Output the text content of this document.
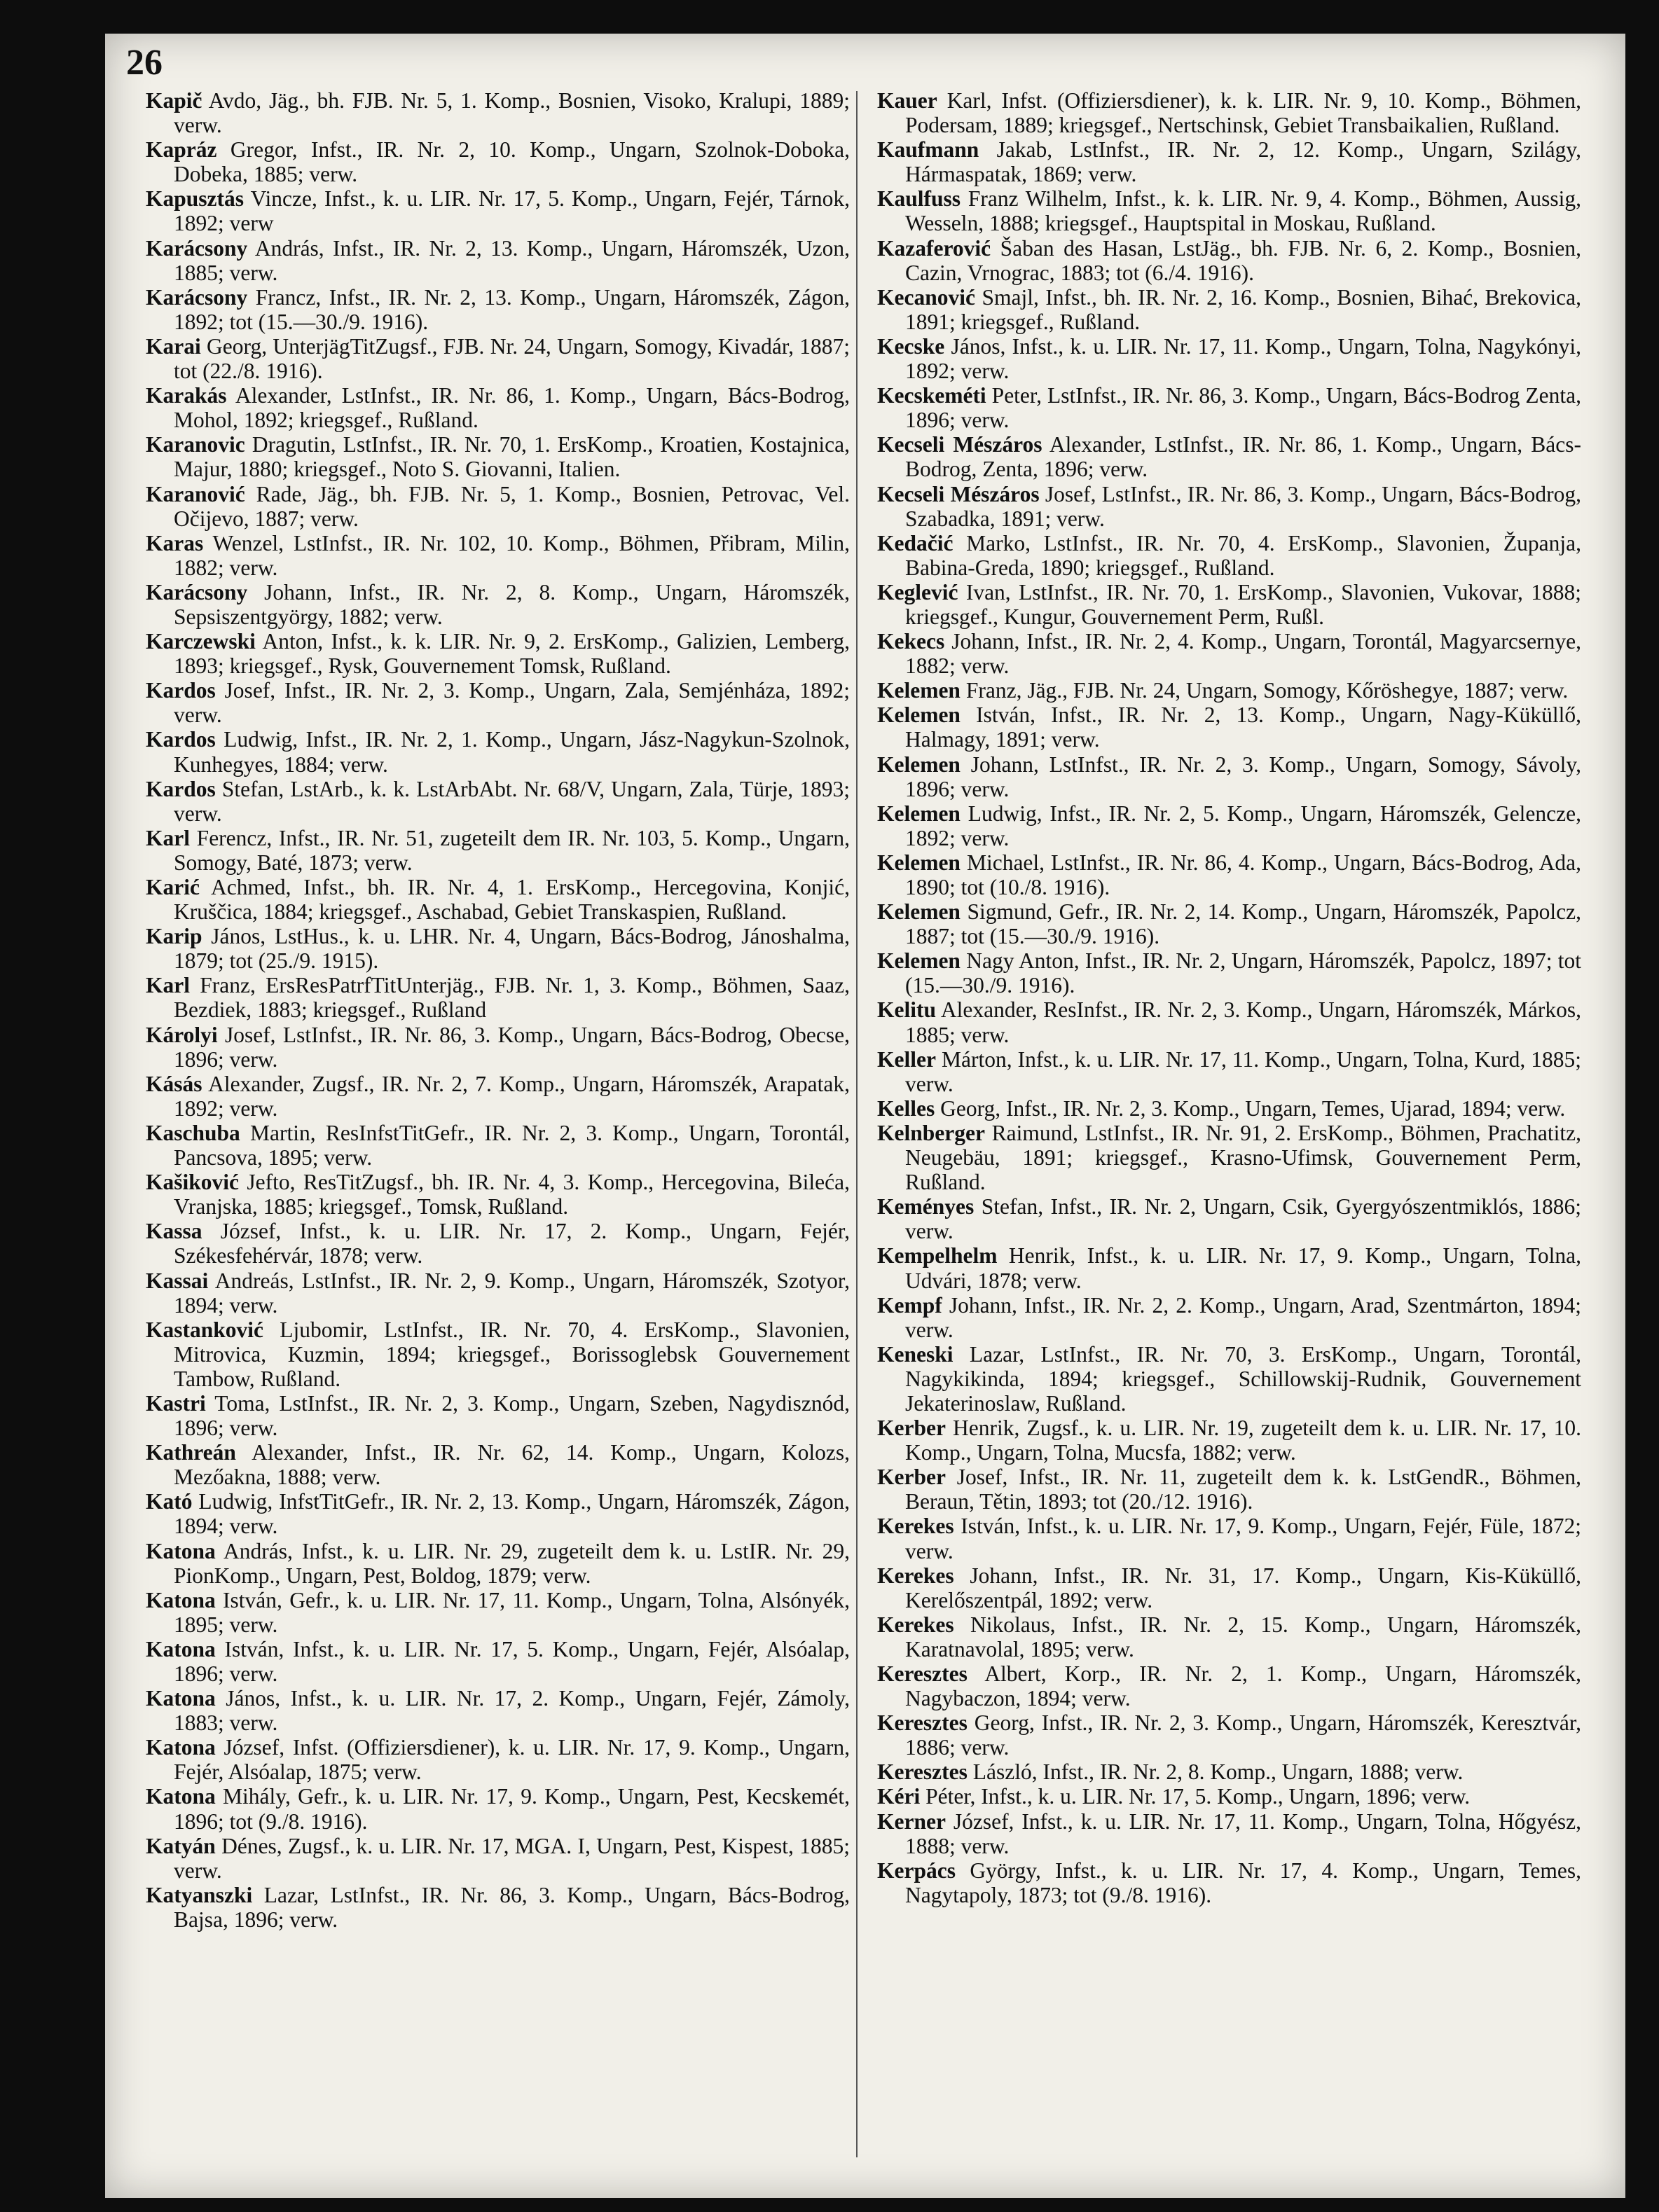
26
Kapič Avdo, Jäg., bh. FJB. Nr. 5, 1. Komp., Bosnien, Visoko, Kralupi, 1889; verw.
Kapráz Gregor, Infst., IR. Nr. 2, 10. Komp., Ungarn, Szolnok-Doboka, Dobeka, 1885; verw.
Kapusztás Vincze, Infst., k. u. LIR. Nr. 17, 5. Komp., Ungarn, Fejér, Tárnok, 1892; verw
Karácsony András, Infst., IR. Nr. 2, 13. Komp., Ungarn, Háromszék, Uzon, 1885; verw.
Karácsony Francz, Infst., IR. Nr. 2, 13. Komp., Ungarn, Háromszék, Zágon, 1892; tot (15.—30./9. 1916).
Karai Georg, UnterjägTitZugsf., FJB. Nr. 24, Ungarn, Somogy, Kivadár, 1887; tot (22./8. 1916).
Karakás Alexander, LstInfst., IR. Nr. 86, 1. Komp., Ungarn, Bács-Bodrog, Mohol, 1892; kriegsgef., Rußland.
Karanovic Dragutin, LstInfst., IR. Nr. 70, 1. ErsKomp., Kroatien, Kostajnica, Majur, 1880; kriegsgef., Noto S. Giovanni, Italien.
Karanović Rade, Jäg., bh. FJB. Nr. 5, 1. Komp., Bosnien, Petrovac, Vel. Očijevo, 1887; verw.
Karas Wenzel, LstInfst., IR. Nr. 102, 10. Komp., Böhmen, Přibram, Milin, 1882; verw.
Karácsony Johann, Infst., IR. Nr. 2, 8. Komp., Ungarn, Háromszék, Sepsiszentgyörgy, 1882; verw.
Karczewski Anton, Infst., k. k. LIR. Nr. 9, 2. ErsKomp., Galizien, Lemberg, 1893; kriegsgef., Rysk, Gouvernement Tomsk, Rußland.
Kardos Josef, Infst., IR. Nr. 2, 3. Komp., Ungarn, Zala, Semjénháza, 1892; verw.
Kardos Ludwig, Infst., IR. Nr. 2, 1. Komp., Ungarn, Jász-Nagykun-Szolnok, Kunhegyes, 1884; verw.
Kardos Stefan, LstArb., k. k. LstArbAbt. Nr. 68/V, Ungarn, Zala, Türje, 1893; verw.
Karl Ferencz, Infst., IR. Nr. 51, zugeteilt dem IR. Nr. 103, 5. Komp., Ungarn, Somogy, Baté, 1873; verw.
Karić Achmed, Infst., bh. IR. Nr. 4, 1. ErsKomp., Hercegovina, Konjić, Kruščica, 1884; kriegsgef., Aschabad, Gebiet Transkaspien, Rußland.
Karip János, LstHus., k. u. LHR. Nr. 4, Ungarn, Bács-Bodrog, Jánoshalma, 1879; tot (25./9. 1915).
Karl Franz, ErsResPatrfTitUnterjäg., FJB. Nr. 1, 3. Komp., Böhmen, Saaz, Bezdiek, 1883; kriegsgef., Rußland
Károlyi Josef, LstInfst., IR. Nr. 86, 3. Komp., Ungarn, Bács-Bodrog, Obecse, 1896; verw.
Kásás Alexander, Zugsf., IR. Nr. 2, 7. Komp., Ungarn, Háromszék, Arapatak, 1892; verw.
Kaschuba Martin, ResInfstTitGefr., IR. Nr. 2, 3. Komp., Ungarn, Torontál, Pancsova, 1895; verw.
Kašiković Jefto, ResTitZugsf., bh. IR. Nr. 4, 3. Komp., Hercegovina, Bileća, Vranjska, 1885; kriegsgef., Tomsk, Rußland.
Kassa József, Infst., k. u. LIR. Nr. 17, 2. Komp., Ungarn, Fejér, Székesfehérvár, 1878; verw.
Kassai Andreás, LstInfst., IR. Nr. 2, 9. Komp., Ungarn, Háromszék, Szotyor, 1894; verw.
Kastanković Ljubomir, LstInfst., IR. Nr. 70, 4. ErsKomp., Slavonien, Mitrovica, Kuzmin, 1894; kriegsgef., Borissoglebsk Gouvernement Tambow, Rußland.
Kastri Toma, LstInfst., IR. Nr. 2, 3. Komp., Ungarn, Szeben, Nagydisznód, 1896; verw.
Kathreán Alexander, Infst., IR. Nr. 62, 14. Komp., Ungarn, Kolozs, Mezőakna, 1888; verw.
Kató Ludwig, InfstTitGefr., IR. Nr. 2, 13. Komp., Ungarn, Háromszék, Zágon, 1894; verw.
Katona András, Infst., k. u. LIR. Nr. 29, zugeteilt dem k. u. LstIR. Nr. 29, PionKomp., Ungarn, Pest, Boldog, 1879; verw.
Katona István, Gefr., k. u. LIR. Nr. 17, 11. Komp., Ungarn, Tolna, Alsónyék, 1895; verw.
Katona István, Infst., k. u. LIR. Nr. 17, 5. Komp., Ungarn, Fejér, Alsóalap, 1896; verw.
Katona János, Infst., k. u. LIR. Nr. 17, 2. Komp., Ungarn, Fejér, Zámoly, 1883; verw.
Katona József, Infst. (Offiziersdiener), k. u. LIR. Nr. 17, 9. Komp., Ungarn, Fejér, Alsóalap, 1875; verw.
Katona Mihály, Gefr., k. u. LIR. Nr. 17, 9. Komp., Ungarn, Pest, Kecskemét, 1896; tot (9./8. 1916).
Katyán Dénes, Zugsf., k. u. LIR. Nr. 17, MGA. I, Ungarn, Pest, Kispest, 1885; verw.
Katyanszki Lazar, LstInfst., IR. Nr. 86, 3. Komp., Ungarn, Bács-Bodrog, Bajsa, 1896; verw.
Kauer Karl, Infst. (Offiziersdiener), k. k. LIR. Nr. 9, 10. Komp., Böhmen, Podersam, 1889; kriegsgef., Nertschinsk, Gebiet Transbaikalien, Rußland.
Kaufmann Jakab, LstInfst., IR. Nr. 2, 12. Komp., Ungarn, Szilágy, Hármaspatak, 1869; verw.
Kaulfuss Franz Wilhelm, Infst., k. k. LIR. Nr. 9, 4. Komp., Böhmen, Aussig, Wesseln, 1888; kriegsgef., Hauptspital in Moskau, Rußland.
Kazaferović Šaban des Hasan, LstJäg., bh. FJB. Nr. 6, 2. Komp., Bosnien, Cazin, Vrnograc, 1883; tot (6./4. 1916).
Kecanović Smajl, Infst., bh. IR. Nr. 2, 16. Komp., Bosnien, Bihać, Brekovica, 1891; kriegsgef., Rußland.
Kecske János, Infst., k. u. LIR. Nr. 17, 11. Komp., Ungarn, Tolna, Nagykónyi, 1892; verw.
Kecskeméti Peter, LstInfst., IR. Nr. 86, 3. Komp., Ungarn, Bács-Bodrog Zenta, 1896; verw.
Kecseli Mészáros Alexander, LstInfst., IR. Nr. 86, 1. Komp., Ungarn, Bács-Bodrog, Zenta, 1896; verw.
Kecseli Mészáros Josef, LstInfst., IR. Nr. 86, 3. Komp., Ungarn, Bács-Bodrog, Szabadka, 1891; verw.
Kedačić Marko, LstInfst., IR. Nr. 70, 4. ErsKomp., Slavonien, Županja, Babina-Greda, 1890; kriegsgef., Rußland.
Keglević Ivan, LstInfst., IR. Nr. 70, 1. ErsKomp., Slavonien, Vukovar, 1888; kriegsgef., Kungur, Gouvernement Perm, Rußl.
Kekecs Johann, Infst., IR. Nr. 2, 4. Komp., Ungarn, Torontál, Magyarcsernye, 1882; verw.
Kelemen Franz, Jäg., FJB. Nr. 24, Ungarn, Somogy, Kőröshegye, 1887; verw.
Kelemen István, Infst., IR. Nr. 2, 13. Komp., Ungarn, Nagy-Küküllő, Halmagy, 1891; verw.
Kelemen Johann, LstInfst., IR. Nr. 2, 3. Komp., Ungarn, Somogy, Sávoly, 1896; verw.
Kelemen Ludwig, Infst., IR. Nr. 2, 5. Komp., Ungarn, Háromszék, Gelencze, 1892; verw.
Kelemen Michael, LstInfst., IR. Nr. 86, 4. Komp., Ungarn, Bács-Bodrog, Ada, 1890; tot (10./8. 1916).
Kelemen Sigmund, Gefr., IR. Nr. 2, 14. Komp., Ungarn, Háromszék, Papolcz, 1887; tot (15.—30./9. 1916).
Kelemen Nagy Anton, Infst., IR. Nr. 2, Ungarn, Háromszék, Papolcz, 1897; tot (15.—30./9. 1916).
Kelitu Alexander, ResInfst., IR. Nr. 2, 3. Komp., Ungarn, Háromszék, Márkos, 1885; verw.
Keller Márton, Infst., k. u. LIR. Nr. 17, 11. Komp., Ungarn, Tolna, Kurd, 1885; verw.
Kelles Georg, Infst., IR. Nr. 2, 3. Komp., Ungarn, Temes, Ujarad, 1894; verw.
Kelnberger Raimund, LstInfst., IR. Nr. 91, 2. ErsKomp., Böhmen, Prachatitz, Neugebäu, 1891; kriegsgef., Krasno-Ufimsk, Gouvernement Perm, Rußland.
Keményes Stefan, Infst., IR. Nr. 2, Ungarn, Csik, Gyergyószentmiklós, 1886; verw.
Kempelhelm Henrik, Infst., k. u. LIR. Nr. 17, 9. Komp., Ungarn, Tolna, Udvári, 1878; verw.
Kempf Johann, Infst., IR. Nr. 2, 2. Komp., Ungarn, Arad, Szentmárton, 1894; verw.
Keneski Lazar, LstInfst., IR. Nr. 70, 3. ErsKomp., Ungarn, Torontál, Nagykikinda, 1894; kriegsgef., Schillowskij-Rudnik, Gouvernement Jekaterinoslaw, Rußland.
Kerber Henrik, Zugsf., k. u. LIR. Nr. 19, zugeteilt dem k. u. LIR. Nr. 17, 10. Komp., Ungarn, Tolna, Mucsfa, 1882; verw.
Kerber Josef, Infst., IR. Nr. 11, zugeteilt dem k. k. LstGendR., Böhmen, Beraun, Tětin, 1893; tot (20./12. 1916).
Kerekes István, Infst., k. u. LIR. Nr. 17, 9. Komp., Ungarn, Fejér, Füle, 1872; verw.
Kerekes Johann, Infst., IR. Nr. 31, 17. Komp., Ungarn, Kis-Küküllő, Kerelőszentpál, 1892; verw.
Kerekes Nikolaus, Infst., IR. Nr. 2, 15. Komp., Ungarn, Háromszék, Karatnavolal, 1895; verw.
Keresztes Albert, Korp., IR. Nr. 2, 1. Komp., Ungarn, Háromszék, Nagybaczon, 1894; verw.
Keresztes Georg, Infst., IR. Nr. 2, 3. Komp., Ungarn, Háromszék, Keresztvár, 1886; verw.
Keresztes László, Infst., IR. Nr. 2, 8. Komp., Ungarn, 1888; verw.
Kéri Péter, Infst., k. u. LIR. Nr. 17, 5. Komp., Ungarn, 1896; verw.
Kerner József, Infst., k. u. LIR. Nr. 17, 11. Komp., Ungarn, Tolna, Hőgyész, 1888; verw.
Kerpács György, Infst., k. u. LIR. Nr. 17, 4. Komp., Ungarn, Temes, Nagytapoly, 1873; tot (9./8. 1916).
